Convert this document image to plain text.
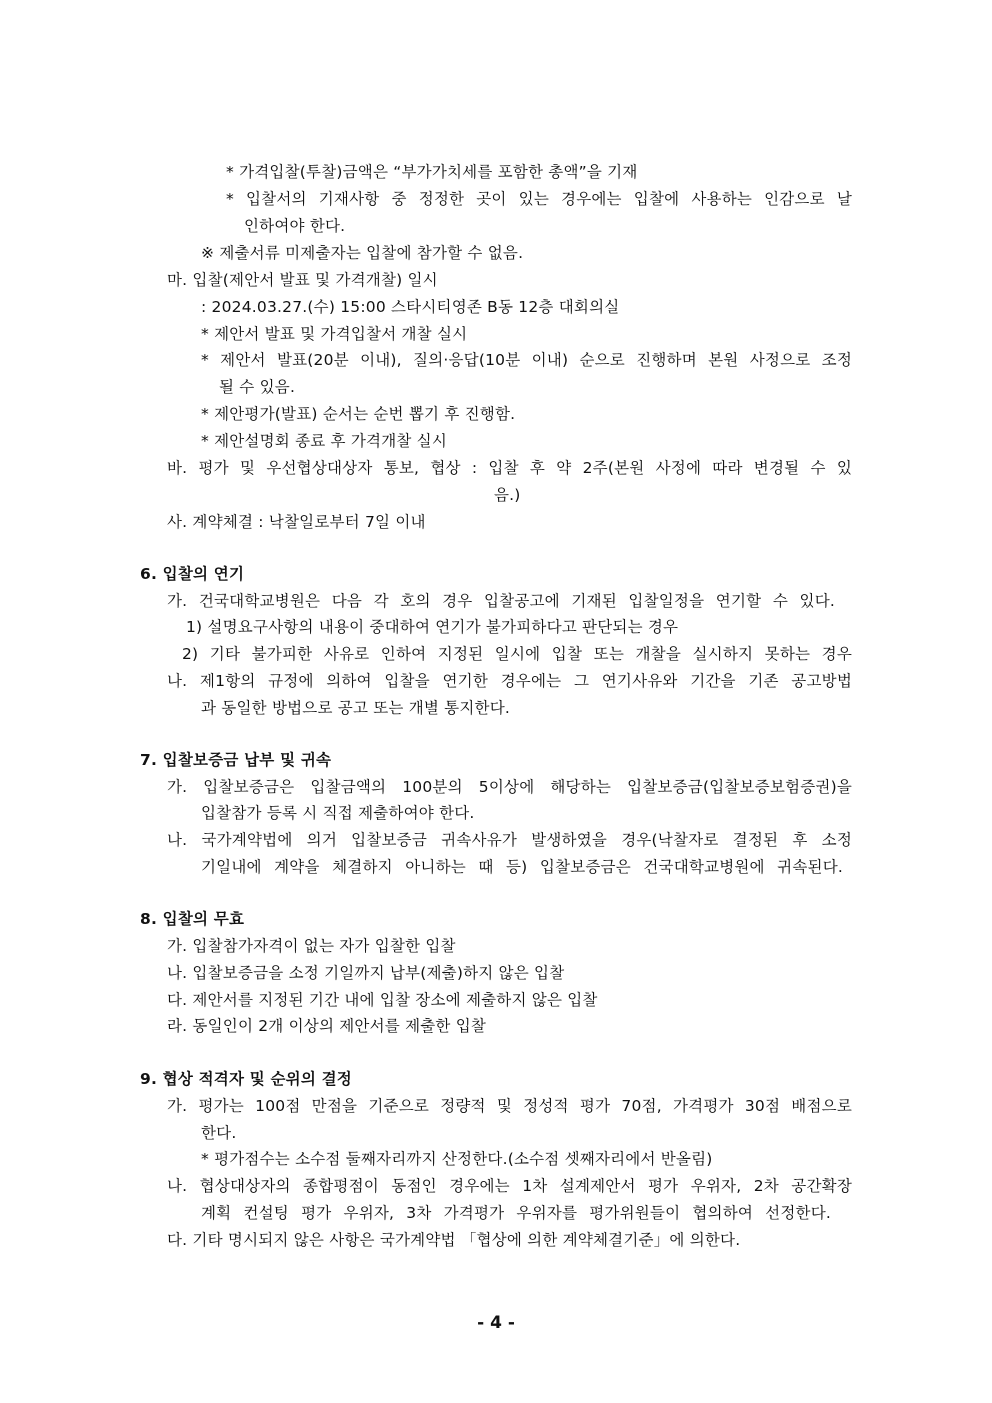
* 가격입찰(투찰)금액은 “부가가치세를 포함한 총액”을 기재
* 입찰서의 기재사항 중 정정한 곳이 있는 경우에는 입찰에 사용하는 인감으로 날
인하여야 한다.
※ 제출서류 미제출자는 입찰에 참가할 수 없음.
마. 입찰(제안서 발표 및 가격개찰) 일시
: 2024.03.27.(수) 15:00 스타시티영존 B동 12층 대회의실
* 제안서 발표 및 가격입찰서 개찰 실시
* 제안서 발표(20분 이내), 질의·응답(10분 이내) 순으로 진행하며 본원 사정으로 조정
될 수 있음.
* 제안평가(발표) 순서는 순번 뽑기 후 진행함.
* 제안설명회 종료 후 가격개찰 실시
바. 평가 및 우선협상대상자 통보, 협상 : 입찰 후 약 2주(본원 사정에 따라 변경될 수 있
음.)
사. 계약체결 : 낙찰일로부터 7일 이내
6. 입찰의 연기
가. 건국대학교병원은 다음 각 호의 경우 입찰공고에 기재된 입찰일정을 연기할 수 있다.
1) 설명요구사항의 내용이 중대하여 연기가 불가피하다고 판단되는 경우
2) 기타 불가피한 사유로 인하여 지정된 일시에 입찰 또는 개찰을 실시하지 못하는 경우
나. 제1항의 규정에 의하여 입찰을 연기한 경우에는 그 연기사유와 기간을 기존 공고방법
과 동일한 방법으로 공고 또는 개별 통지한다.
7. 입찰보증금 납부 및 귀속
가. 입찰보증금은 입찰금액의 100분의 5이상에 해당하는 입찰보증금(입찰보증보험증권)을
입찰참가 등록 시 직접 제출하여야 한다.
나. 국가계약법에 의거 입찰보증금 귀속사유가 발생하였을 경우(낙찰자로 결정된 후 소정
기일내에 계약을 체결하지 아니하는 때 등) 입찰보증금은 건국대학교병원에 귀속된다.
8. 입찰의 무효
가. 입찰참가자격이 없는 자가 입찰한 입찰
나. 입찰보증금을 소정 기일까지 납부(제출)하지 않은 입찰
다. 제안서를 지정된 기간 내에 입찰 장소에 제출하지 않은 입찰
라. 동일인이 2개 이상의 제안서를 제출한 입찰
9. 협상 적격자 및 순위의 결정
가. 평가는 100점 만점을 기준으로 정량적 및 정성적 평가 70점, 가격평가 30점 배점으로
한다.
* 평가점수는 소수점 둘째자리까지 산정한다.(소수점 셋째자리에서 반올림)
나. 협상대상자의 종합평점이 동점인 경우에는 1차 설계제안서 평가 우위자, 2차 공간확장
계획 컨설팅 평가 우위자, 3차 가격평가 우위자를 평가위원들이 협의하여 선정한다.
다. 기타 명시되지 않은 사항은 국가계약법 「협상에 의한 계약체결기준」에 의한다.
- 4 -
